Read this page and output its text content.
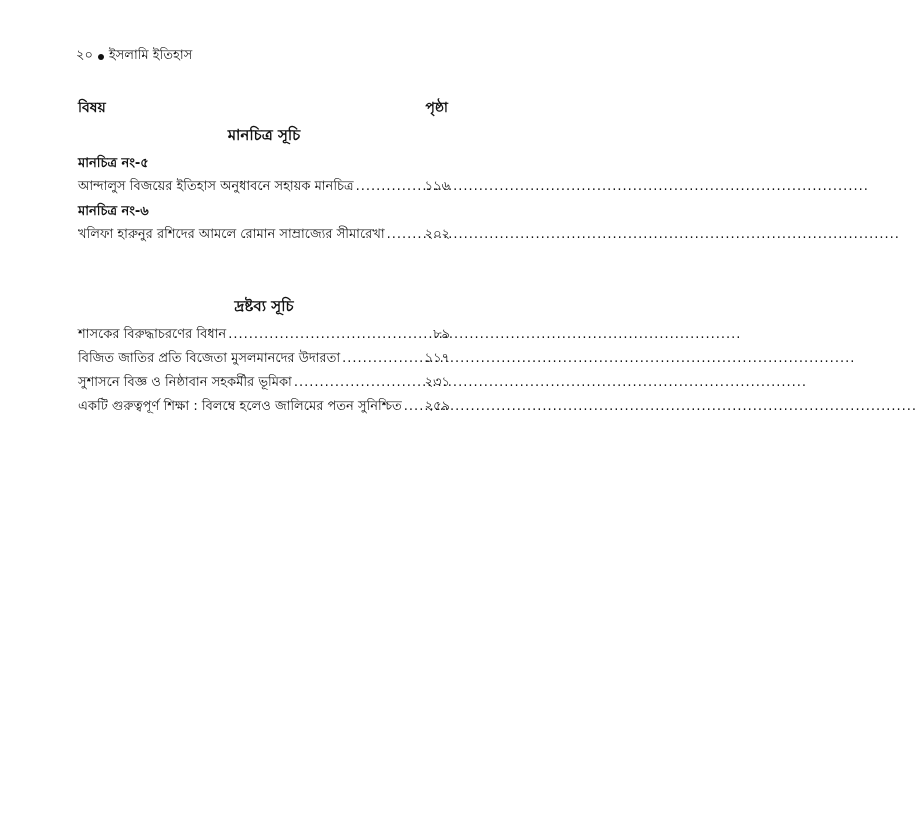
২০ ইসলামি ইতিহাস
বিষয়	পৃষ্ঠা
মানচিত্র সূচি
মানচিত্র নং-৫
আন্দালুস বিজয়ের ইতিহাস অনুধাবনে সহায়ক মানচিত্র .....	১১৬
মানচিত্র নং-৬
খলিফা হারুনুর রশিদের আমলে রোমান সাম্রাজ্যের সীমারেখা .....	২০২
দ্রষ্টব্য সূচি
শাসকের বিরুদ্ধাচরণের বিধান .....	৮৯
বিজিত জাতির প্রতি বিজেতা মুসলমানদের উদারতা .....	১১৭
সুশাসনে বিজ্ঞ ও নিষ্ঠাবান সহকর্মীর ভূমিকা .....	২৩১
একটি গুরুত্বপূর্ণ শিক্ষা : বিলম্বে হলেও জালিমের পতন সুনিশ্চিত ..... ২৫৯
